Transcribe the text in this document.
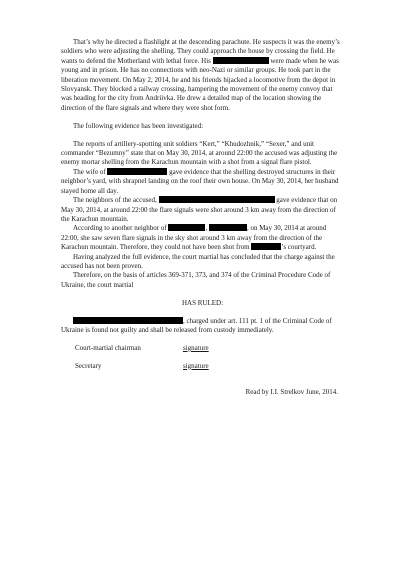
That’s why he directed a flashlight at the descending parachute. He suspects it was the enemy’s soldiers who were adjusting the shelling. They could approach the house by crossing the field. He wants to defend the Motherland with lethal force. His	were made when he was young and in prison. He has no connections with neo-Nazi or similar groups. He took part in the liberation movement. On May 2, 2014, he and his friends hijacked a locomotive from the depot in Slovyansk. They blocked a railway crossing, hampering the movement of the enemy convoy that was heading for the city from Andriivka. He drew a detailed map of the location showing the direction of the flare signals and where they were shot form.

The following evidence has been investigated:

The reports of artillery-spotting unit soldiers “Kert,” “Khudozhnik,” “Sexer,” and unit commander “Bezumny” state that on May 30, 2014, at around 22:00 the accused was adjusting the enemy mortar shelling from the Karachun mountain with a shot from a signal flare pistol.

The wife of	gave evidence that the shelling destroyed structures in their neighbor’s yard, with shrapnel landing on the roof their own house. On May 30, 2014, her husband stayed home all day.

The neighbors of the accused,	gave evidence that on May 30, 2014, at around 22:00 the flare signals were shot around 3 km away from the direction of the Karachun mountain.

According to another neighbor of	,	, on May 30, 2014 at around 22:00, she saw seven flare signals in the sky shot around 3 km away from the direction of the Karachun mountain. Therefore, they could not have been shot from	’s courtyard.

Having analyzed the full evidence, the court martial has concluded that the charge against the accused has not been proven.

Therefore, on the basis of articles 369-371, 373, and 374 of the Criminal Procedure Code of Ukraine, the court martial

HAS RULED:

, charged under art. 111 pt. 1 of the Criminal Code of Ukraine is found not guilty and shall be released from custody immediately.

Court-martial chairman	signature
Secretary	signature

Read by I.I. Strelkov June, 2014.
